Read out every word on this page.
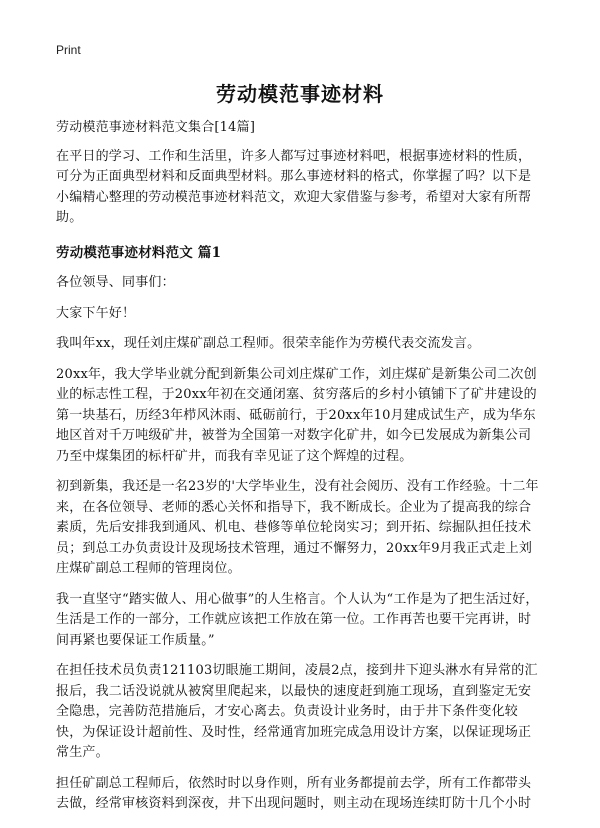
Print
劳动模范事迹材料

劳动模范事迹材料范文集合[14篇]

在平日的学习、工作和生活里，许多人都写过事迹材料吧，根据事迹材料的性质，可分为正面典型材料和反面典型材料。那么事迹材料的格式，你掌握了吗？以下是小编精心整理的劳动模范事迹材料范文，欢迎大家借鉴与参考，希望对大家有所帮助。

劳动模范事迹材料范文 篇1

各位领导、同事们：

大家下午好！

我叫年xx，现任刘庄煤矿副总工程师。很荣幸能作为劳模代表交流发言。

20xx年，我大学毕业就分配到新集公司刘庄煤矿工作，刘庄煤矿是新集公司二次创业的标志性工程，于20xx年初在交通闭塞、贫穷落后的乡村小镇铺下了矿井建设的第一块基石，历经3年栉风沐雨、砥砺前行，于20xx年10月建成试生产，成为华东地区首对千万吨级矿井，被誉为全国第一对数字化矿井，如今已发展成为新集公司乃至中煤集团的标杆矿井，而我有幸见证了这个辉煌的过程。

初到新集，我还是一名23岁的'大学毕业生，没有社会阅历、没有工作经验。十二年来，在各位领导、老师的悉心关怀和指导下，我不断成长。企业为了提高我的综合素质，先后安排我到通风、机电、巷修等单位轮岗实习；到开拓、综掘队担任技术员；到总工办负责设计及现场技术管理，通过不懈努力，20xx年9月我正式走上刘庄煤矿副总工程师的管理岗位。

我一直坚守“踏实做人、用心做事”的人生格言。个人认为“工作是为了把生活过好，生活是工作的一部分，工作就应该把工作放在第一位。工作再苦也要干完再讲，时间再紧也要保证工作质量。”

在担任技术员负责121103切眼施工期间，凌晨2点，接到井下迎头淋水有异常的汇报后，我二话没说就从被窝里爬起来，以最快的速度赶到施工现场，直到鉴定无安全隐患，完善防范措施后，才安心离去。负责设计业务时，由于井下条件变化较快，为保证设计超前性、及时性，经常通宵加班完成急用设计方案，以保证现场正常生产。

担任矿副总工程师后，依然时时以身作则，所有业务都提前去学，所有工作都带头去做，经常审核资料到深夜，井下出现问题时，则主动在现场连续盯防十几个小时
